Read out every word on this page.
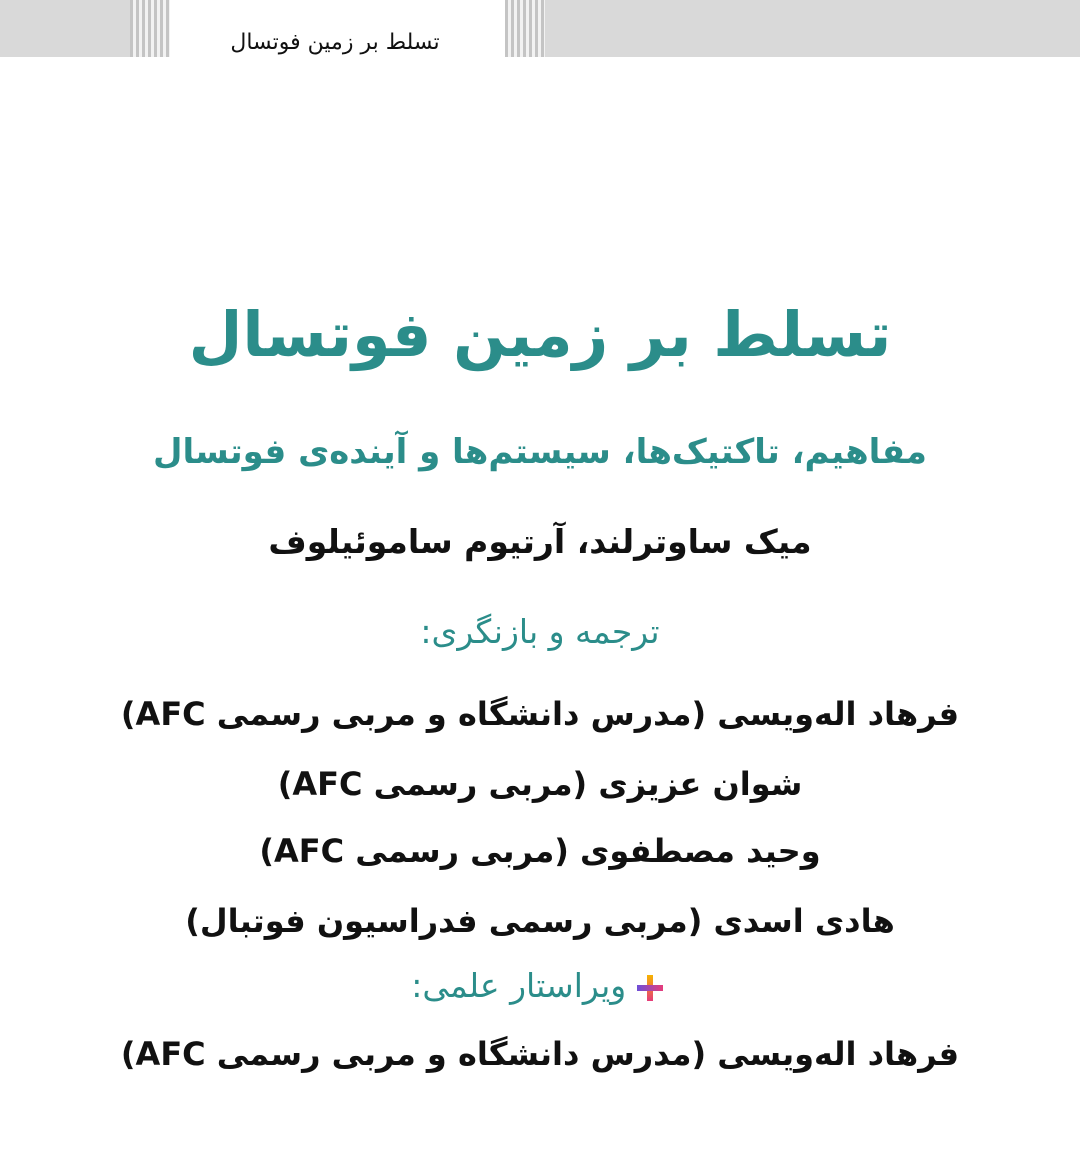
تسلط بر زمین فوتسال
تسلط بر زمین فوتسال
مفاهیم، تاکتیک‌ها، سیستم‌ها و آینده‌ی فوتسال
میک ساوترلند، آرتیوم ساموئیلوف
ترجمه و بازنگری:
فرهاد اله‌ویسی (مدرس دانشگاه و مربی رسمی AFC)
شوان عزیزی (مربی رسمی AFC)
وحید مصطفوی (مربی رسمی AFC)
هادی اسدی (مربی رسمی فدراسیون فوتبال)
ویراستار علمی:
فرهاد اله‌ویسی (مدرس دانشگاه و مربی رسمی AFC)
